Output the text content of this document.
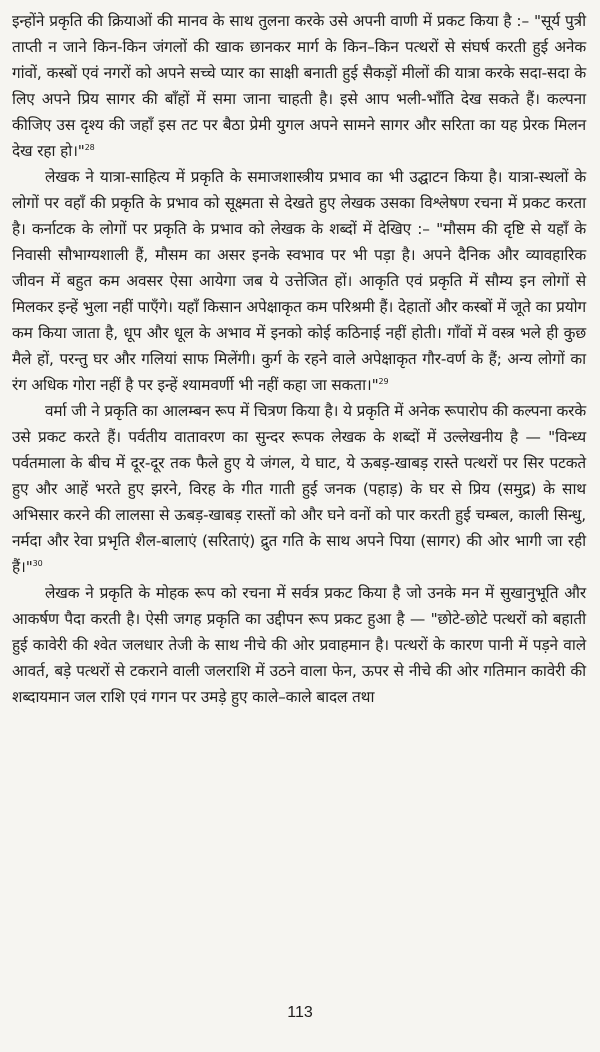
इन्होंने प्रकृति की क्रियाओं की मानव के साथ तुलना करके उसे अपनी वाणी में प्रकट किया है :– "सूर्य पुत्री ताप्ती न जाने किन-किन जंगलों की खाक छानकर मार्ग के किन–किन पत्थरों से संघर्ष करती हुई अनेक गांवों, कस्बों एवं नगरों को अपने सच्चे प्यार का साक्षी बनाती हुई सैकड़ों मीलों की यात्रा करके सदा-सदा के लिए अपने प्रिय सागर की बाँहों में समा जाना चाहती है। इसे आप भली-भाँति देख सकते हैं। कल्पना कीजिए उस दृश्य की जहाँ इस तट पर बैठा प्रेमी युगल अपने सामने सागर और सरिता का यह प्रेरक मिलन देख रहा हो।"$^{28}$

लेखक ने यात्रा-साहित्य में प्रकृति के समाजशास्त्रीय प्रभाव का भी उद्घाटन किया है। यात्रा-स्थलों के लोगों पर वहाँ की प्रकृति के प्रभाव को सूक्ष्मता से देखते हुए लेखक उसका विश्लेषण रचना में प्रकट करता है। कर्नाटक के लोगों पर प्रकृति के प्रभाव को लेखक के शब्दों में देखिए :– "मौसम की दृष्टि से यहाँ के निवासी सौभाग्यशाली हैं, मौसम का असर इनके स्वभाव पर भी पड़ा है। अपने दैनिक और व्यावहारिक जीवन में बहुत कम अवसर ऐसा आयेगा जब ये उत्तेजित हों। आकृति एवं प्रकृति में सौम्य इन लोगों से मिलकर इन्हें भुला नहीं पाएँगे। यहाँ किसान अपेक्षाकृत कम परिश्रमी हैं। देहातों और कस्बों में जूते का प्रयोग कम किया जाता है, धूप और धूल के अभाव में इनको कोई कठिनाई नहीं होती। गाँवों में वस्त्र भले ही कुछ मैले हों, परन्तु घर और गलियां साफ मिलेंगी। कुर्ग के रहने वाले अपेक्षाकृत गौर-वर्ण के हैं; अन्य लोगों का रंग अधिक गोरा नहीं है पर इन्हें श्यामवर्णी भी नहीं कहा जा सकता।"$^{29}$

वर्मा जी ने प्रकृति का आलम्बन रूप में चित्रण किया है। ये प्रकृति में अनेक रूपारोप की कल्पना करके उसे प्रकट करते हैं। पर्वतीय वातावरण का सुन्दर रूपक लेखक के शब्दों में उल्लेखनीय है — "विन्ध्य पर्वतमाला के बीच में दूर-दूर तक फैले हुए ये जंगल, ये घाट, ये ऊबड़-खाबड़ रास्ते पत्थरों पर सिर पटकते हुए और आहें भरते हुए झरने, विरह के गीत गाती हुई जनक (पहाड़) के घर से प्रिय (समुद्र) के साथ अभिसार करने की लालसा से ऊबड़-खाबड़ रास्तों को और घने वनों को पार करती हुई चम्बल, काली सिन्धु, नर्मदा और रेवा प्रभृति शैल-बालाएं (सरिताएं) द्रुत गति के साथ अपने पिया (सागर) की ओर भागी जा रही हैं।"$^{30}$

लेखक ने प्रकृति के मोहक रूप को रचना में सर्वत्र प्रकट किया है जो उनके मन में सुखानुभूति और आकर्षण पैदा करती है। ऐसी जगह प्रकृति का उद्दीपन रूप प्रकट हुआ है — "छोटे-छोटे पत्थरों को बहाती हुई कावेरी की श्वेत जलधार तेजी के साथ नीचे की ओर प्रवाहमान है। पत्थरों के कारण पानी में पड़ने वाले आवर्त, बड़े पत्थरों से टकराने वाली जलराशि में उठने वाला फेन, ऊपर से नीचे की ओर गतिमान कावेरी की शब्दायमान जल राशि एवं गगन पर उमड़े हुए काले–काले बादल तथा

113
